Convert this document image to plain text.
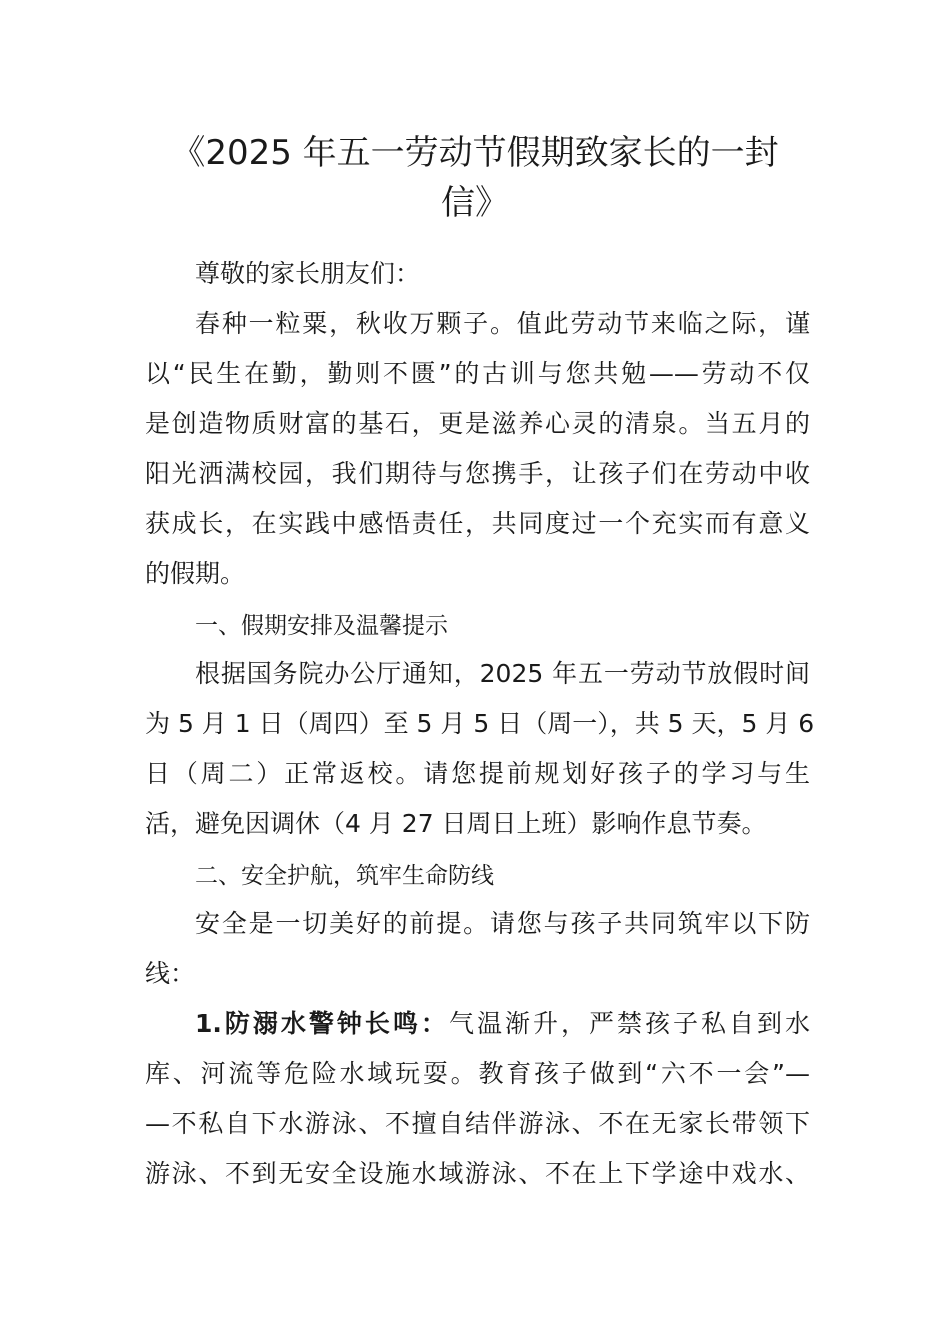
《2025 年五一劳动节假期致家长的一封
信》

尊敬的家长朋友们：

春种一粒粟，秋收万颗子。值此劳动节来临之际，谨

以“民生在勤，勤则不匮”的古训与您共勉——劳动不仅

是创造物质财富的基石，更是滋养心灵的清泉。当五月的

阳光洒满校园，我们期待与您携手，让孩子们在劳动中收

获成长，在实践中感悟责任，共同度过一个充实而有意义

的假期。

一、假期安排及温馨提示

根据国务院办公厅通知，2025 年五一劳动节放假时间

为 5 月 1 日（周四）至 5 月 5 日（周一），共 5 天，5 月 6

日（周二）正常返校。请您提前规划好孩子的学习与生

活，避免因调休（4 月 27 日周日上班）影响作息节奏。

二、安全护航，筑牢生命防线

安全是一切美好的前提。请您与孩子共同筑牢以下防

线：

1.防溺水警钟长鸣：气温渐升，严禁孩子私自到水

库、河流等危险水域玩耍。教育孩子做到“六不一会”—

—不私自下水游泳、不擅自结伴游泳、不在无家长带领下

游泳、不到无安全设施水域游泳、不在上下学途中戏水、
